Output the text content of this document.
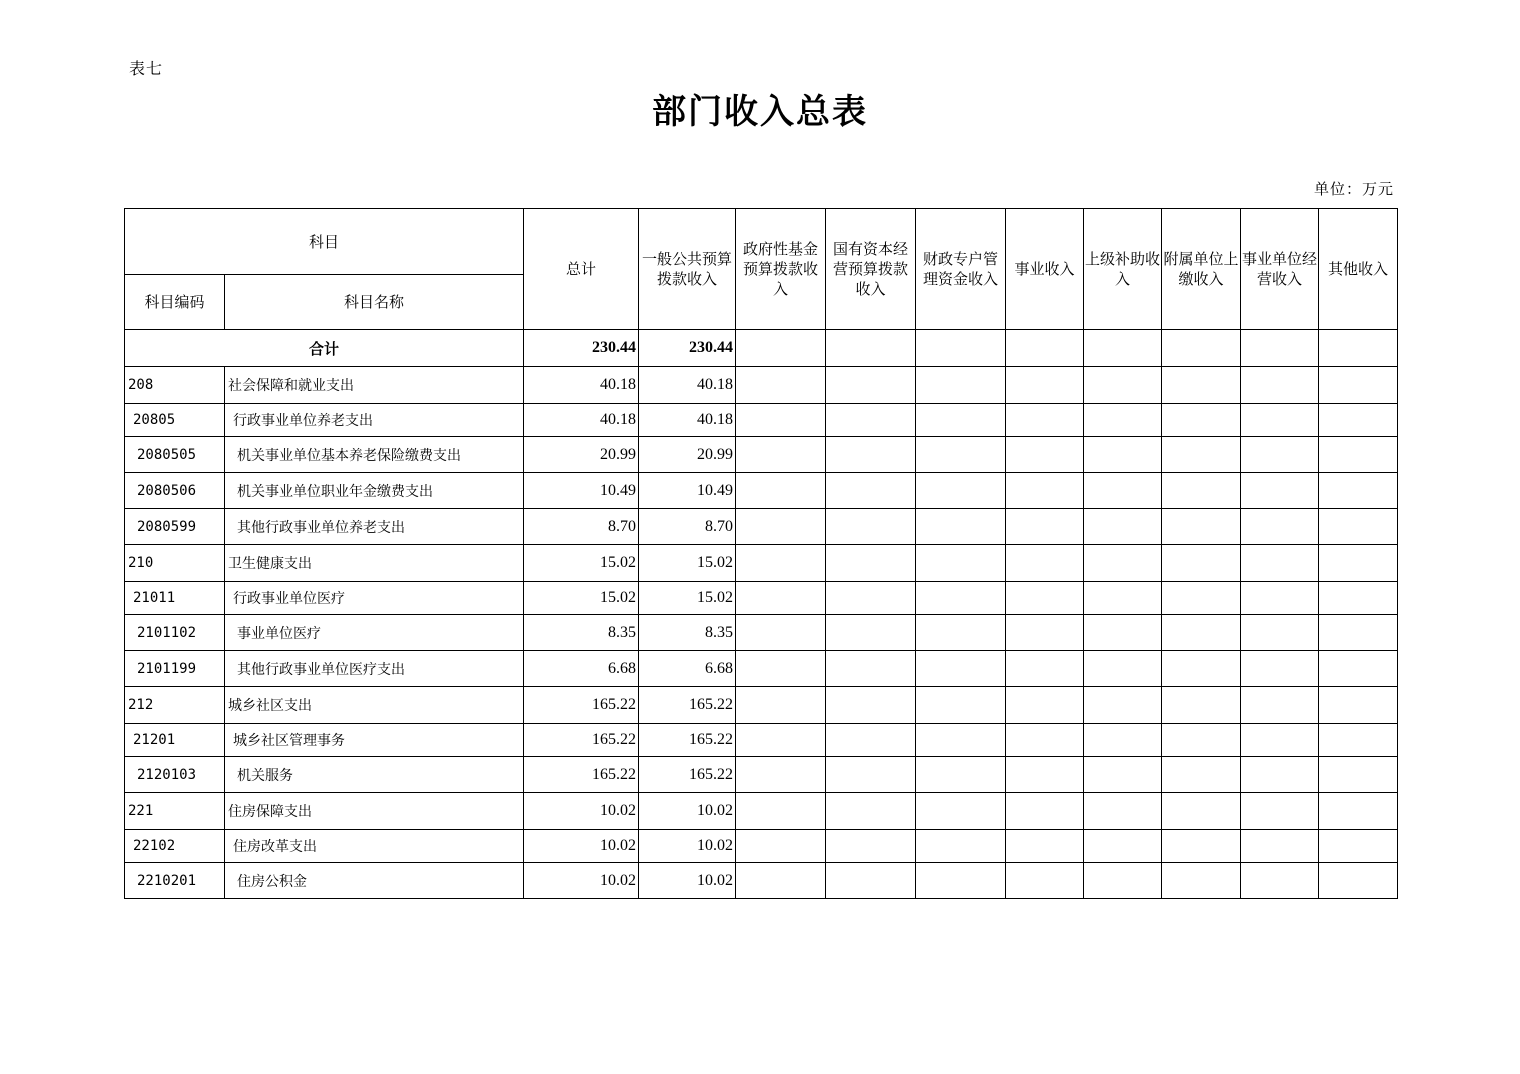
表七
部门收入总表
单位：万元
科目		总计	一般公共预算拨款收入	政府性基金预算拨款收入	国有资本经营预算拨款收入	财政专户管理资金收入	事业收入	上级补助收入	附属单位上缴收入	事业单位经营收入	其他收入
科目编码	科目名称										
合计		230.44	230.44								
208	社会保障和就业支出	40.18	40.18								
20805	行政事业单位养老支出	40.18	40.18								
2080505	机关事业单位基本养老保险缴费支出	20.99	20.99								
2080506	机关事业单位职业年金缴费支出	10.49	10.49								
2080599	其他行政事业单位养老支出	8.70	8.70								
210	卫生健康支出	15.02	15.02								
21011	行政事业单位医疗	15.02	15.02								
2101102	事业单位医疗	8.35	8.35								
2101199	其他行政事业单位医疗支出	6.68	6.68								
212	城乡社区支出	165.22	165.22								
21201	城乡社区管理事务	165.22	165.22								
2120103	机关服务	165.22	165.22								
221	住房保障支出	10.02	10.02								
22102	住房改革支出	10.02	10.02								
2210201	住房公积金	10.02	10.02								
